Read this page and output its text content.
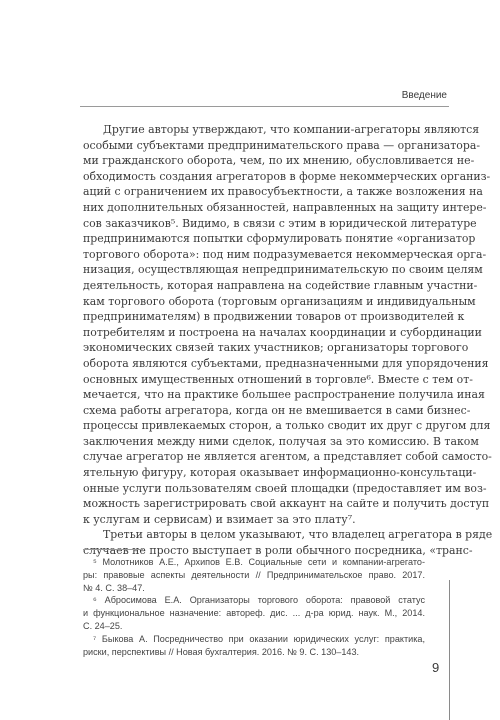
Введение
Другие авторы утверждают, что компании-агрегаторы являются
особыми субъектами предпринимательского права — организатора-
ми гражданского оборота, чем, по их мнению, обусловливается не-
обходимость создания агрегаторов в форме некоммерческих организ-
аций с ограничением их правосубъектности, а также возложения на
них дополнительных обязанностей, направленных на защиту интере-
сов заказчиков⁵. Видимо, в связи с этим в юридической литературе
предпринимаются попытки сформулировать понятие «организатор
торгового оборота»: под ним подразумевается некоммерческая орга-
низация, осуществляющая непредпринимательскую по своим целям
деятельность, которая направлена на содействие главным участни-
кам торгового оборота (торговым организациям и индивидуальным
предпринимателям) в продвижении товаров от производителей к
потребителям и построена на началах координации и субординации
экономических связей таких участников; организаторы торгового
оборота являются субъектами, предназначенными для упорядочения
основных имущественных отношений в торговле⁶. Вместе с тем от-
мечается, что на практике большее распространение получила иная
схема работы агрегатора, когда он не вмешивается в сами бизнес-
процессы привлекаемых сторон, а только сводит их друг с другом для
заключения между ними сделок, получая за это комиссию. В таком
случае агрегатор не является агентом, а представляет собой самосто-
ятельную фигуру, которая оказывает информационно-консультаци-
онные услуги пользователям своей площадки (предоставляет им воз-
можность зарегистрировать свой аккаунт на сайте и получить доступ
к услугам и сервисам) и взимает за это плату⁷.
Третьи авторы в целом указывают, что владелец агрегатора в ряде
случаев не просто выступает в роли обычного посредника, «транс-
⁵ Молотников А.Е., Архипов Е.В. Социальные сети и компании-агрегато-
ры: правовые аспекты деятельности // Предпринимательское право. 2017.
№ 4. С. 38–47.
⁶ Абросимова Е.А. Организаторы торгового оборота: правовой статус
и функциональное назначение: автореф. дис. ... д-ра юрид. наук. М., 2014.
С. 24–25.
⁷ Быкова А. Посредничество при оказании юридических услуг: практика,
риски, перспективы // Новая бухгалтерия. 2016. № 9. С. 130–143.
9
